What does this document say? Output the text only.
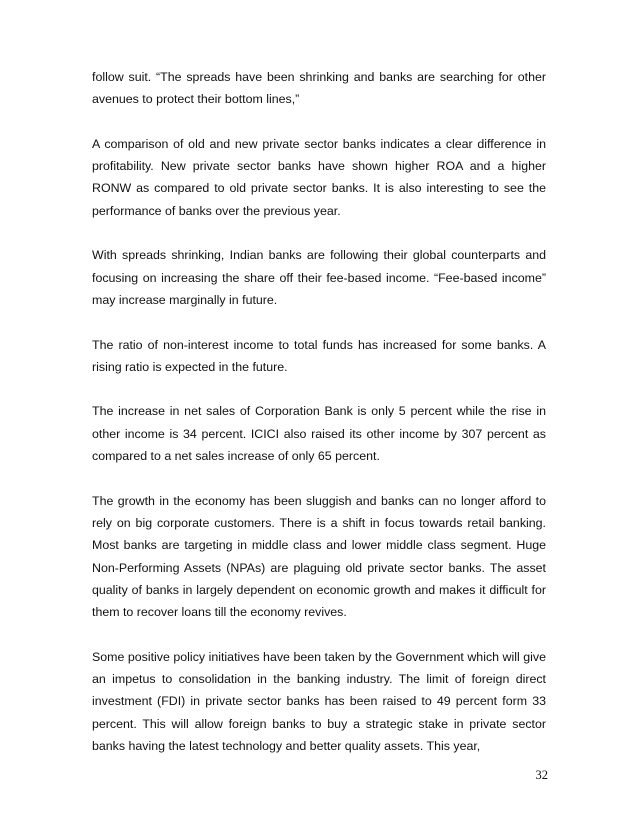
follow suit. “The spreads have been shrinking and banks are searching for other avenues to protect their bottom lines,”

A comparison of old and new private sector banks indicates a clear difference in profitability. New private sector banks have shown higher ROA and a higher RONW as compared to old private sector banks. It is also interesting to see the performance of banks over the previous year.

With spreads shrinking, Indian banks are following their global counterparts and focusing on increasing the share off their fee-based income. “Fee-based income” may increase marginally in future.

The ratio of non-interest income to total funds has increased for some banks. A rising ratio is expected in the future.

The increase in net sales of Corporation Bank is only 5 percent while the rise in other income is 34 percent. ICICI also raised its other income by 307 percent as compared to a net sales increase of only 65 percent.

The growth in the economy has been sluggish and banks can no longer afford to rely on big corporate customers. There is a shift in focus towards retail banking. Most banks are targeting in middle class and lower middle class segment. Huge Non-Performing Assets (NPAs) are plaguing old private sector banks. The asset quality of banks in largely dependent on economic growth and makes it difficult for them to recover loans till the economy revives.

Some positive policy initiatives have been taken by the Government which will give an impetus to consolidation in the banking industry. The limit of foreign direct investment (FDI) in private sector banks has been raised to 49 percent form 33 percent. This will allow foreign banks to buy a strategic stake in private sector banks having the latest technology and better quality assets. This year,

32
